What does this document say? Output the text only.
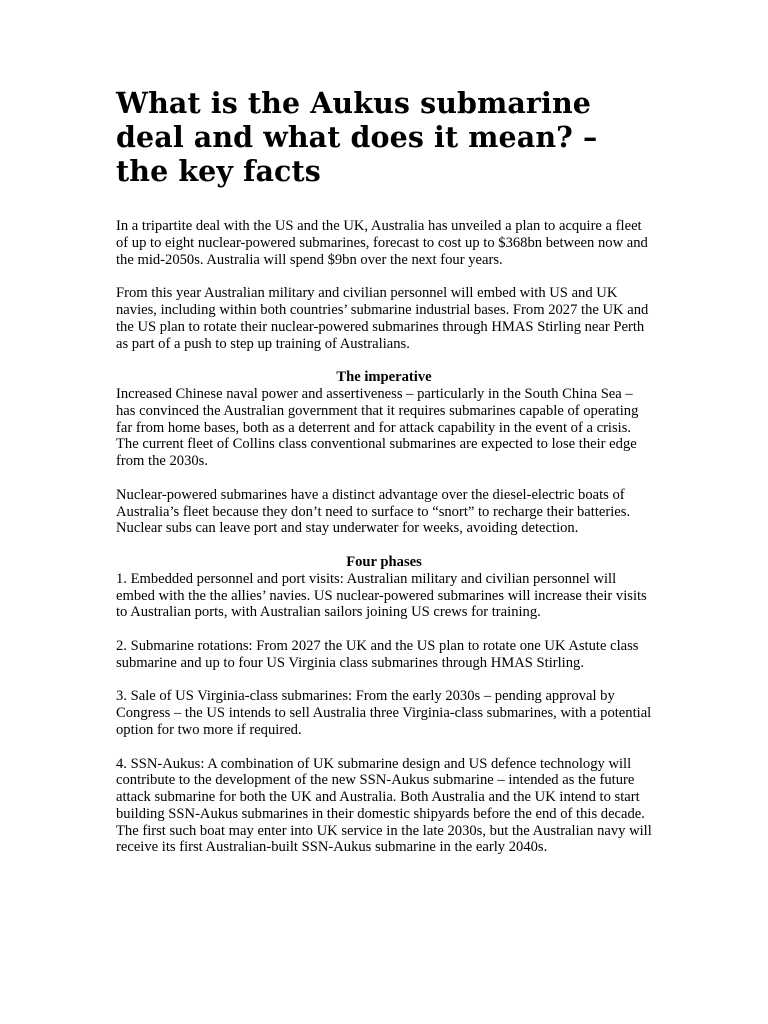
What is the Aukus submarine deal and what does it mean? – the key facts

In a tripartite deal with the US and the UK, Australia has unveiled a plan to acquire a fleet of up to eight nuclear-powered submarines, forecast to cost up to $368bn between now and the mid-2050s. Australia will spend $9bn over the next four years.

From this year Australian military and civilian personnel will embed with US and UK navies, including within both countries’ submarine industrial bases. From 2027 the UK and the US plan to rotate their nuclear-powered submarines through HMAS Stirling near Perth as part of a push to step up training of Australians.

The imperative

Increased Chinese naval power and assertiveness – particularly in the South China Sea – has convinced the Australian government that it requires submarines capable of operating far from home bases, both as a deterrent and for attack capability in the event of a crisis. The current fleet of Collins class conventional submarines are expected to lose their edge from the 2030s.

Nuclear-powered submarines have a distinct advantage over the diesel-electric boats of Australia’s fleet because they don’t need to surface to “snort” to recharge their batteries. Nuclear subs can leave port and stay underwater for weeks, avoiding detection.

Four phases

1. Embedded personnel and port visits: Australian military and civilian personnel will embed with the the allies’ navies. US nuclear-powered submarines will increase their visits to Australian ports, with Australian sailors joining US crews for training.

2. Submarine rotations: From 2027 the UK and the US plan to rotate one UK Astute class submarine and up to four US Virginia class submarines through HMAS Stirling.

3. Sale of US Virginia-class submarines: From the early 2030s – pending approval by Congress – the US intends to sell Australia three Virginia-class submarines, with a potential option for two more if required.

4. SSN-Aukus: A combination of UK submarine design and US defence technology will contribute to the development of the new SSN-Aukus submarine – intended as the future attack submarine for both the UK and Australia. Both Australia and the UK intend to start building SSN-Aukus submarines in their domestic shipyards before the end of this decade. The first such boat may enter into UK service in the late 2030s, but the Australian navy will receive its first Australian-built SSN-Aukus submarine in the early 2040s.
